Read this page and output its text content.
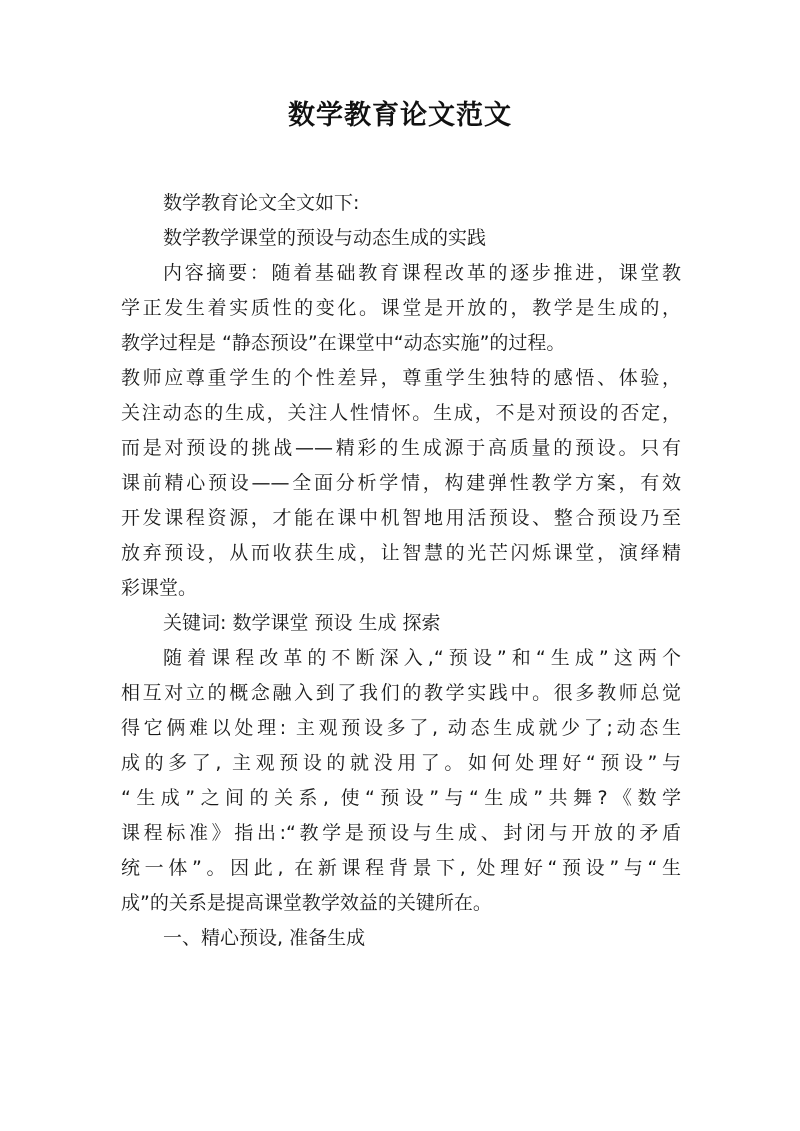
数学教育论文范文
数学教育论文全文如下:
数学教学课堂的预设与动态生成的实践
内容摘要：随着基础教育课程改革的逐步推进，课堂教
学正发生着实质性的变化。课堂是开放的，教学是生成的，
教学过程是 “静态预设”在课堂中“动态实施”的过程。
教师应尊重学生的个性差异，尊重学生独特的感悟、体验，
关注动态的生成，关注人性情怀。生成，不是对预设的否定，
而是对预设的挑战——精彩的生成源于高质量的预设。只有
课前精心预设——全面分析学情，构建弹性教学方案，有效
开发课程资源，才能在课中机智地用活预设、整合预设乃至
放弃预设，从而收获生成，让智慧的光芒闪烁课堂，演绎精
彩课堂。
关键词: 数学课堂 预设 生成 探索
随着课程改革的不断深入,“预设”和“生成”这两个
相互对立的概念融入到了我们的教学实践中。很多教师总觉
得它俩难以处理: 主观预设多了, 动态生成就少了;动态生
成的多了, 主观预设的就没用了。如何处理好“预设”与
“生成”之间的关系, 使“预设”与“生成”共舞?《数学
课程标准》指出:“教学是预设与生成、封闭与开放的矛盾
统一体”。因此, 在新课程背景下, 处理好“预设”与“生
成”的关系是提高课堂教学效益的关键所在。
一、精心预设, 准备生成
